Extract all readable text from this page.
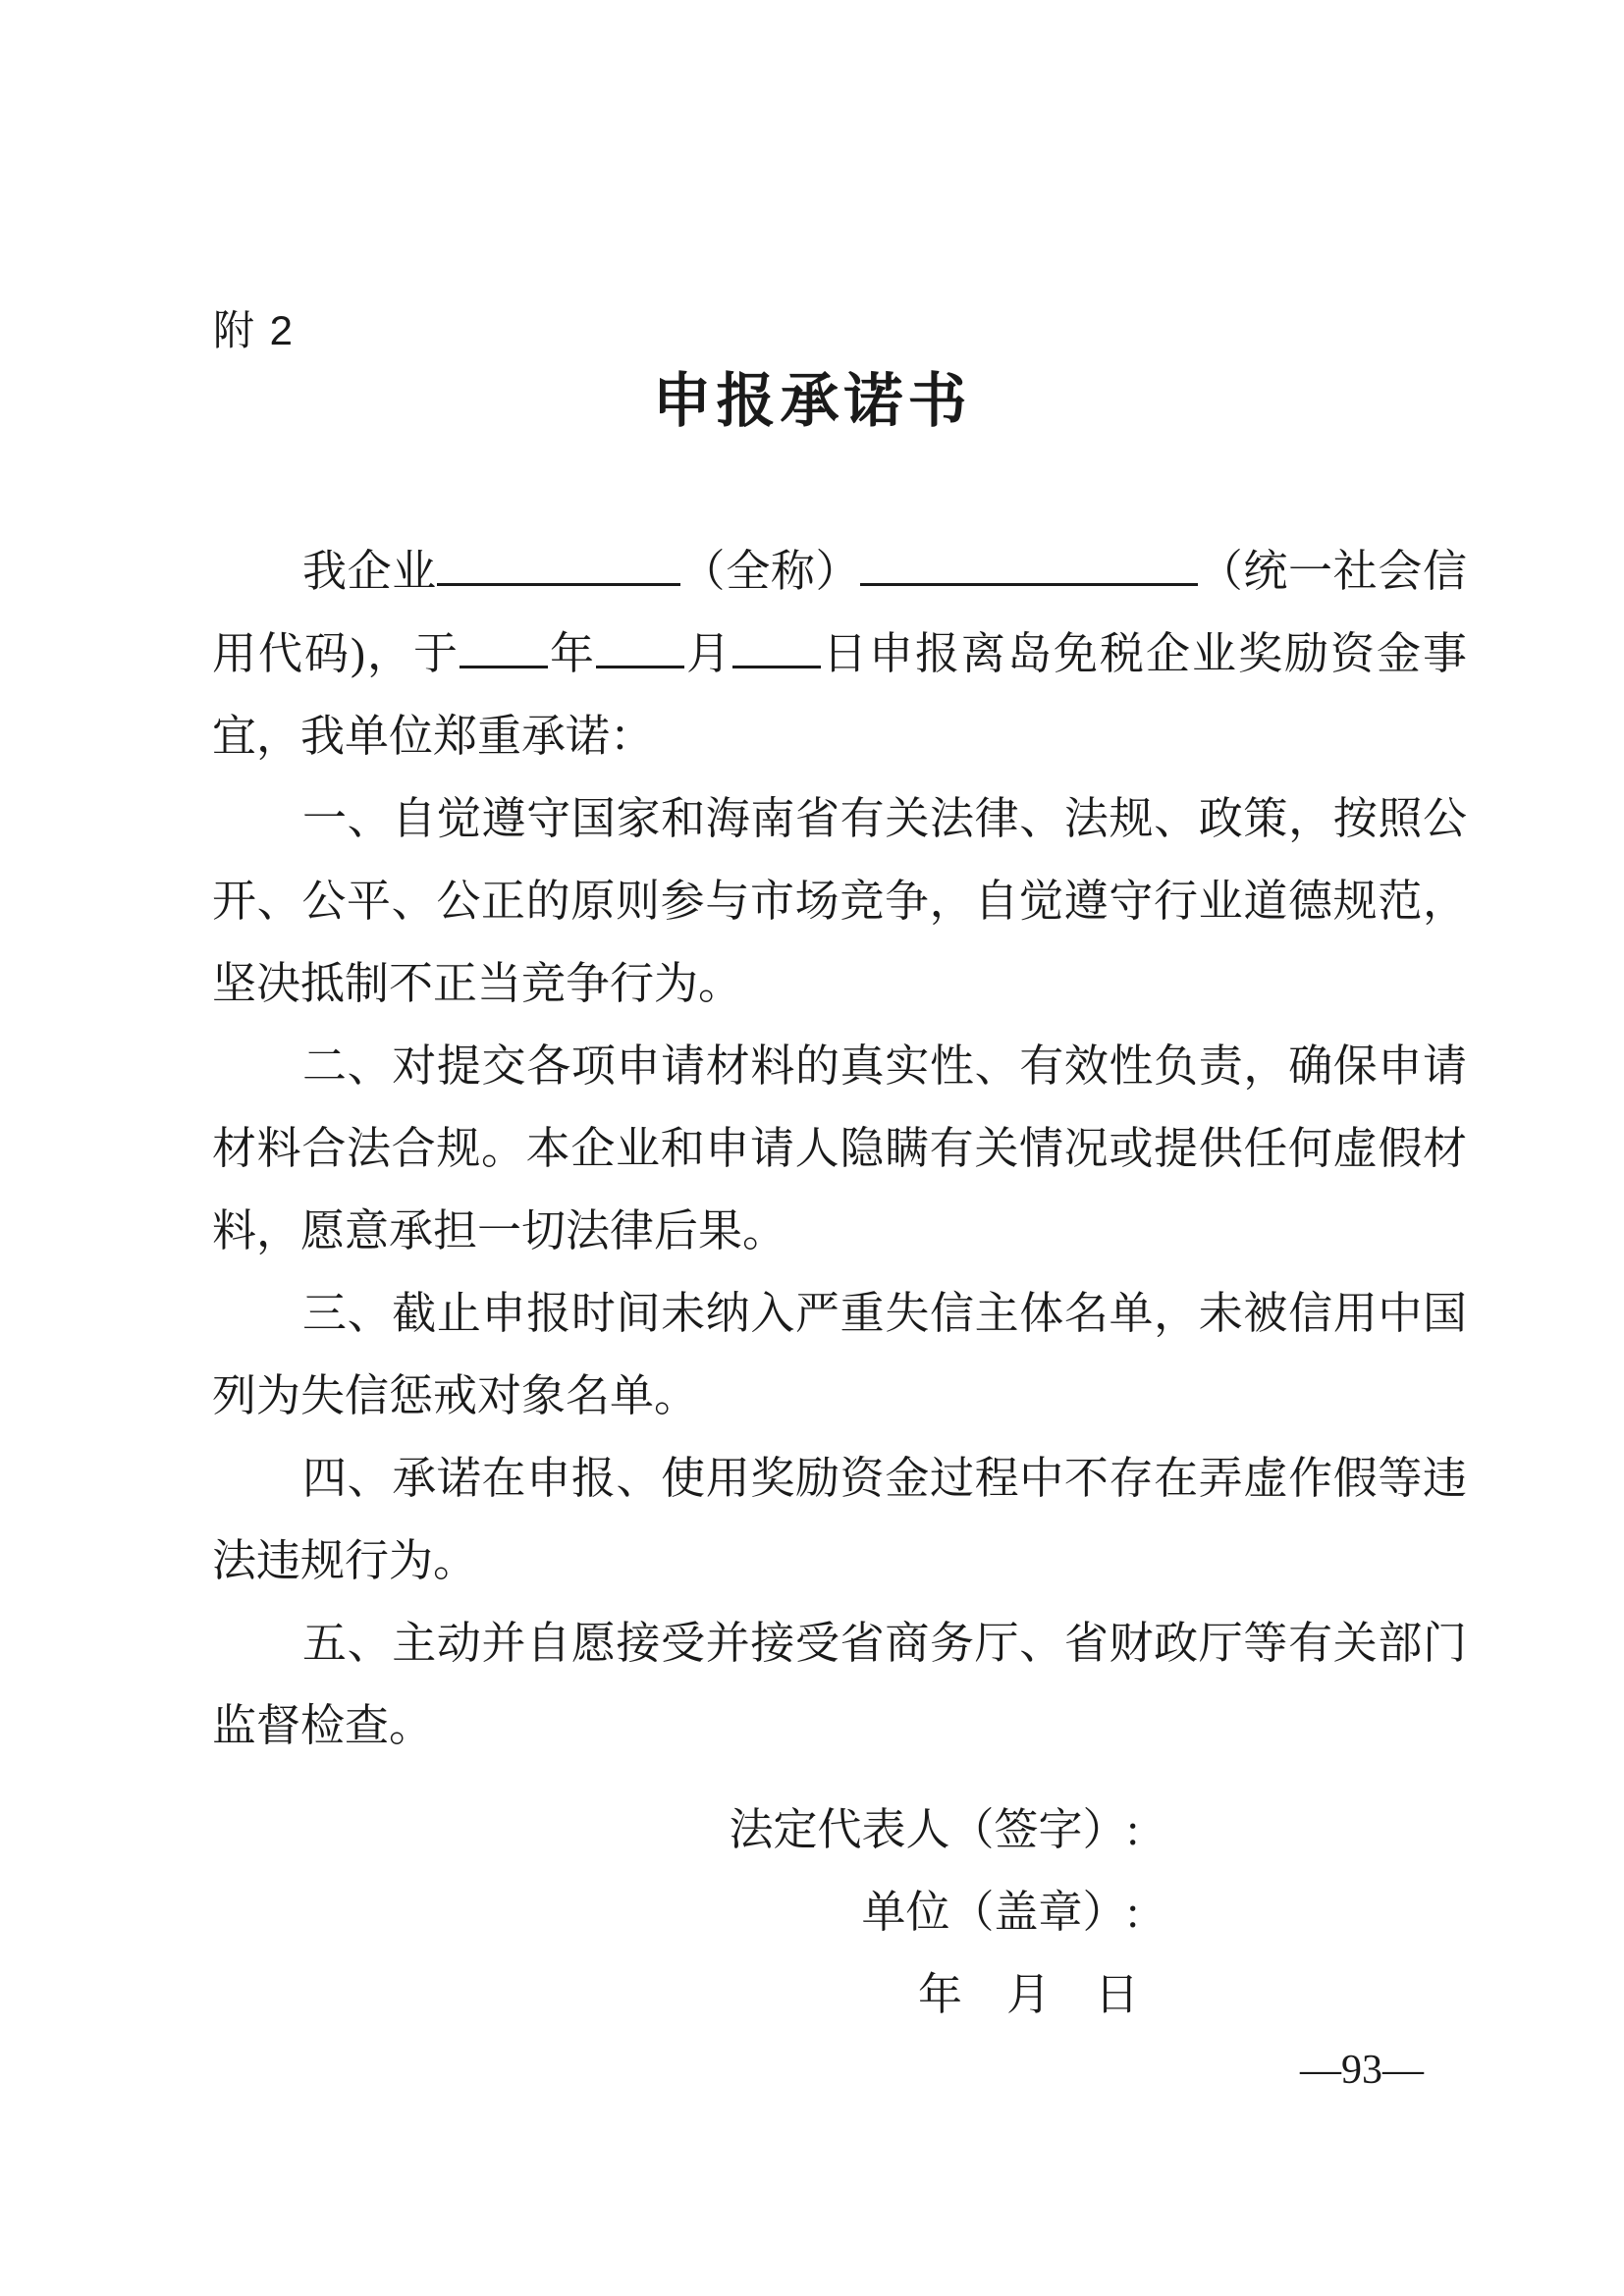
附 2
申报承诺书

我企业	（全称）	（统一社会信用代码)，于 年 月 日申报离岛免税企业奖励资金事宜，我单位郑重承诺：

一、自觉遵守国家和海南省有关法律、法规、政策，按照公开、公平、公正的原则参与市场竞争，自觉遵守行业道德规范，坚决抵制不正当竞争行为。

二、对提交各项申请材料的真实性、有效性负责，确保申请材料合法合规。本企业和申请人隐瞒有关情况或提供任何虚假材料，愿意承担一切法律后果。

三、截止申报时间未纳入严重失信主体名单，未被信用中国列为失信惩戒对象名单。

四、承诺在申报、使用奖励资金过程中不存在弄虚作假等违法违规行为。

五、主动并自愿接受并接受省商务厅、省财政厅等有关部门监督检查。

法定代表人（签字）:
单位（盖章）:
年　月　日
—93—
